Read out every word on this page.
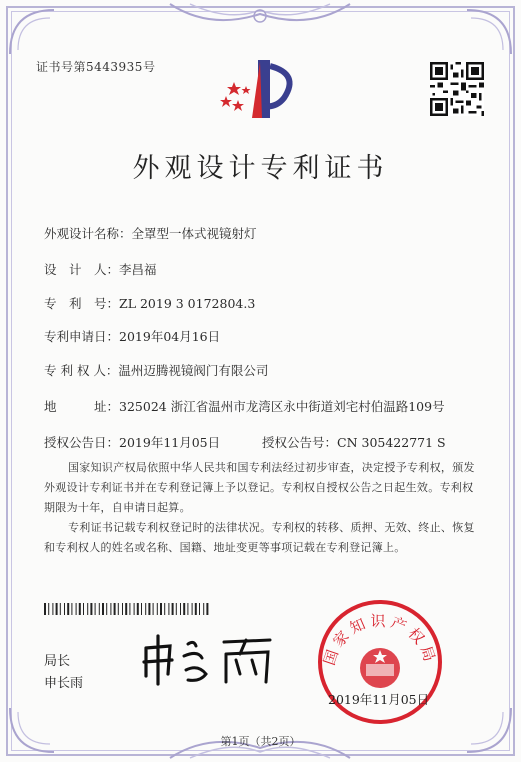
证书号第5443935号
外观设计专利证书
外观设计名称：全罩型一体式视镜射灯
设　计　人：李昌福
专　利　号：ZL 2019 3 0172804.3
专利申请日：2019年04月16日
专 利 权 人：温州迈腾视镜阀门有限公司
地　　　址：325024 浙江省温州市龙湾区永中街道刘宅村伯温路109号
授权公告日：2019年11月05日	授权公告号：CN 305422771 S
国家知识产权局依照中华人民共和国专利法经过初步审查，决定授予专利权，颁发外观设计专利证书并在专利登记簿上予以登记。专利权自授权公告之日起生效。专利权期限为十年，自申请日起算。
专利证书记载专利权登记时的法律状况。专利权的转移、质押、无效、终止、恢复和专利权人的姓名或名称、国籍、地址变更等事项记载在专利登记簿上。
局长
申长雨
国家知识产权局
2019年11月05日
第1页（共2页）
